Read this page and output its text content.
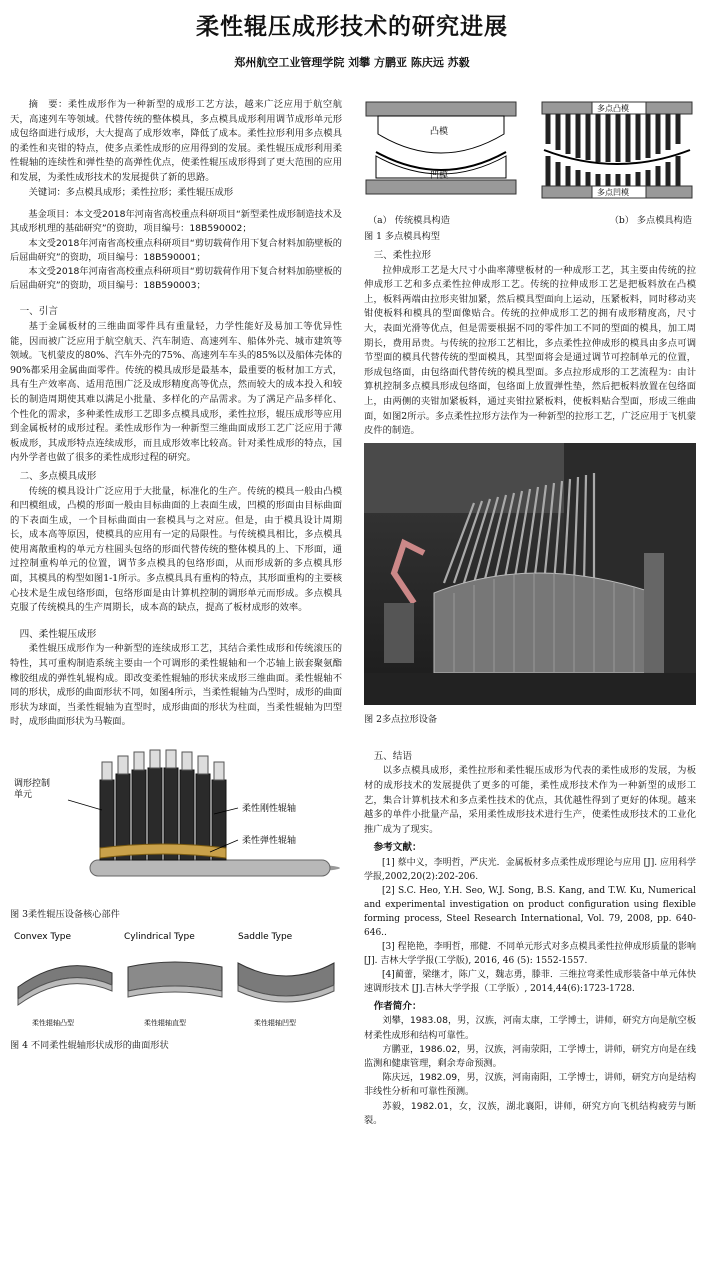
柔性辊压成形技术的研究进展
郑州航空工业管理学院 刘攀 方鹏亚 陈庆远 苏毅

摘　要：柔性成形作为一种新型的成形工艺方法，越来广泛应用于航空航天，高速列车等领域。代替传统的整体模具，多点模具成形利用调节成形单元形成包络面进行成形，大大提高了成形效率，降低了成本。柔性拉形利用多点模具的柔性和夹钳的特点，使多点柔性成形的应用得到的发展。柔性辊压成形利用柔性辊轴的连续性和弹性垫的高弹性优点，使柔性辊压成形得到了更大范围的应用和发展，为柔性成形技术的发展提供了新的思路。

关键词：多点模具成形；柔性拉形；柔性辊压成形

基金项目：本文受2018年河南省高校重点科研项目“新型柔性成形制造技术及其成形机理的基础研究”的资助，项目编号：18B590002；

本文受2018年河南省高校重点科研项目“剪切载荷作用下复合材料加筋壁板的后屈曲研究”的资助，项目编号：18B590001；

本文受2018年河南省高校重点科研项目“剪切载荷作用下复合材料加筋壁板的后屈曲研究”的资助，项目编号：18B590003；

一、引言

基于金属板材的三维曲面零件具有重量轻，力学性能好及易加工等优异性能，因而被广泛应用于航空航天、汽车制造、高速列车、船体外壳、城市建筑等领域。飞机蒙皮的80%、汽车外壳的75%、高速列车车头的85%以及船体壳体的90%都采用金属曲面零件。传统的模具成形是最基本，最重要的板材加工方式，具有生产效率高、适用范围广泛及成形精度高等优点，然而较大的成本投入和较长的制造周期使其难以满足小批量、多样化的产品需求。为了满足产品多样化、个性化的需求，多种柔性成形工艺即多点模具成形，柔性拉形，辊压成形等应用到金属板材的成形过程。柔性成形作为一种新型三维曲面成形工艺广泛应用于薄板成形，其成形特点连续成形，而且成形效率比较高。针对柔性成形的特点，国内外学者也做了很多的柔性成形过程的研究。

二、多点模具成形

传统的模具设计广泛应用于大批量，标准化的生产。传统的模具一般由凸模和凹模组成，凸模的形面一般由目标曲面的上表面生成，凹模的形面由目标曲面的下表面生成，一个目标曲面由一套模具与之对应。但是，由于模具设计周期长，成本高等原因，使模具的应用有一定的局限性。与传统模具相比，多点模具使用离散重构的单元方柱圆头包络的形面代替传统的整体模具的上、下形面，通过控制重构单元的位置，调节多点模具的包络形面，从而形成新的多点模具形面，其模具的构型如图1-1所示。多点模具具有重构的特点，其形面重构的主要核心技术是生成包络形面，包络形面是由计算机控制的调形单元而形成。多点模具克服了传统模具的生产周期长，成本高的缺点，提高了板材成形的效率。

四、柔性辊压成形

柔性辊压成形作为一种新型的连续成形工艺，其结合柔性成形和传统滚压的特性，其可重构制造系统主要由一个可调形的柔性辊轴和一个芯轴上嵌套聚氨酯橡胶组成的弹性轧辊构成。即改变柔性辊轴的形状来成形三维曲面。柔性辊轴不同的形状，成形的曲面形状不同，如图4所示，当柔性辊轴为凸型时，成形的曲面形状为球面，当柔性辊轴为直型时，成形曲面的形状为柱面，当柔性辊轴为凹型时，成形曲面形状为马鞍面。

调形控制单元
柔性刚性辊轴
柔性弹性辊轴

图 3柔性辊压设备核心部件

Convex Type
柔性辊轴凸型
Cylindrical Type
柔性辊轴直型
Saddle Type
柔性辊轴凹型

图 4 不同柔性辊轴形状成形的曲面形状

凸模
凹模
多点凸模
多点凹模
（a） 传统模具构造	（b） 多点模具构造

图 1 多点模具构型

三、柔性拉形

拉伸成形工艺是大尺寸小曲率薄壁板材的一种成形工艺，其主要由传统的拉伸成形工艺和多点柔性拉伸成形工艺。传统的拉伸成形工艺是把板料放在凸模上，板料两端由拉形夹钳加紧，然后模具型面向上运动，压紧板料，同时移动夹钳使板料和模具的型面像贴合。传统的拉伸成形工艺的拥有成形精度高，尺寸大，表面光滑等优点，但是需要根据不同的零件加工不同的型面的模具，加工周期长，费用昂贵。与传统的拉形工艺相比，多点柔性拉伸成形的模具由多点可调节型面的模具代替传统的型面模具，其型面将会是通过调节可控制单元的位置，形成包络面，由包络面代替传统的模具型面。多点拉形成形的工艺流程为：由计算机控制多点模具形成包络面，包络面上放置弹性垫，然后把板料放置在包络面上，由两侧的夹钳加紧板料，通过夹钳拉紧板料，使板料贴合型面，形成三维曲面，如图2所示。多点柔性拉形方法作为一种新型的拉形工艺，广泛应用于飞机蒙皮件的制造。

图 2多点拉形设备

五、结语

以多点模具成形，柔性拉形和柔性辊压成形为代表的柔性成形的发展，为板材的成形技术的发展提供了更多的可能，柔性成形技术作为一种新型的成形工艺，集合计算机技术和多点柔性技术的优点，其优越性得到了更好的体现。越来越多的单件小批量产品，采用柔性成形技术进行生产，使柔性成形技术的工业化推广成为了现实。

参考文献：

[1] 蔡中义，李明哲，严庆光．金属板材多点柔性成形理论与应用 [J]. 应用科学学报,2002,20(2):202-206.

[2] S.C. Heo, Y.H. Seo, W.J. Song, B.S. Kang, and T.W. Ku, Numerical and experimental investigation on product configuration using flexible forming process, Steel Research International, Vol. 79, 2008, pp. 640-646..

[3] 程艳艳，李明哲，邢健．不同单元形式对多点模具柔性拉伸成形质量的影响[J]. 吉林大学学报(工学版), 2016, 46 (5): 1552-1557.

[4]蔺蕾，梁继才，陈广义，魏志勇，滕菲．三维拉弯柔性成形装备中单元体快速调形技术 [J].吉林大学学报（工学版）, 2014,44(6):1723-1728.

作者简介：

刘攀，1983.08，男，汉族，河南太康，工学博士，讲师，研究方向是航空板材柔性成形和结构可靠性。

方鹏亚，1986.02，男，汉族，河南荥阳，工学博士，讲师，研究方向是在线监测和健康管理，剩余寿命预测。

陈庆远，1982.09，男，汉族，河南南阳，工学博士，讲师，研究方向是结构非线性分析和可靠性预测。

苏毅，1982.01，女，汉族，湖北襄阳，讲师，研究方向飞机结构疲劳与断裂。
